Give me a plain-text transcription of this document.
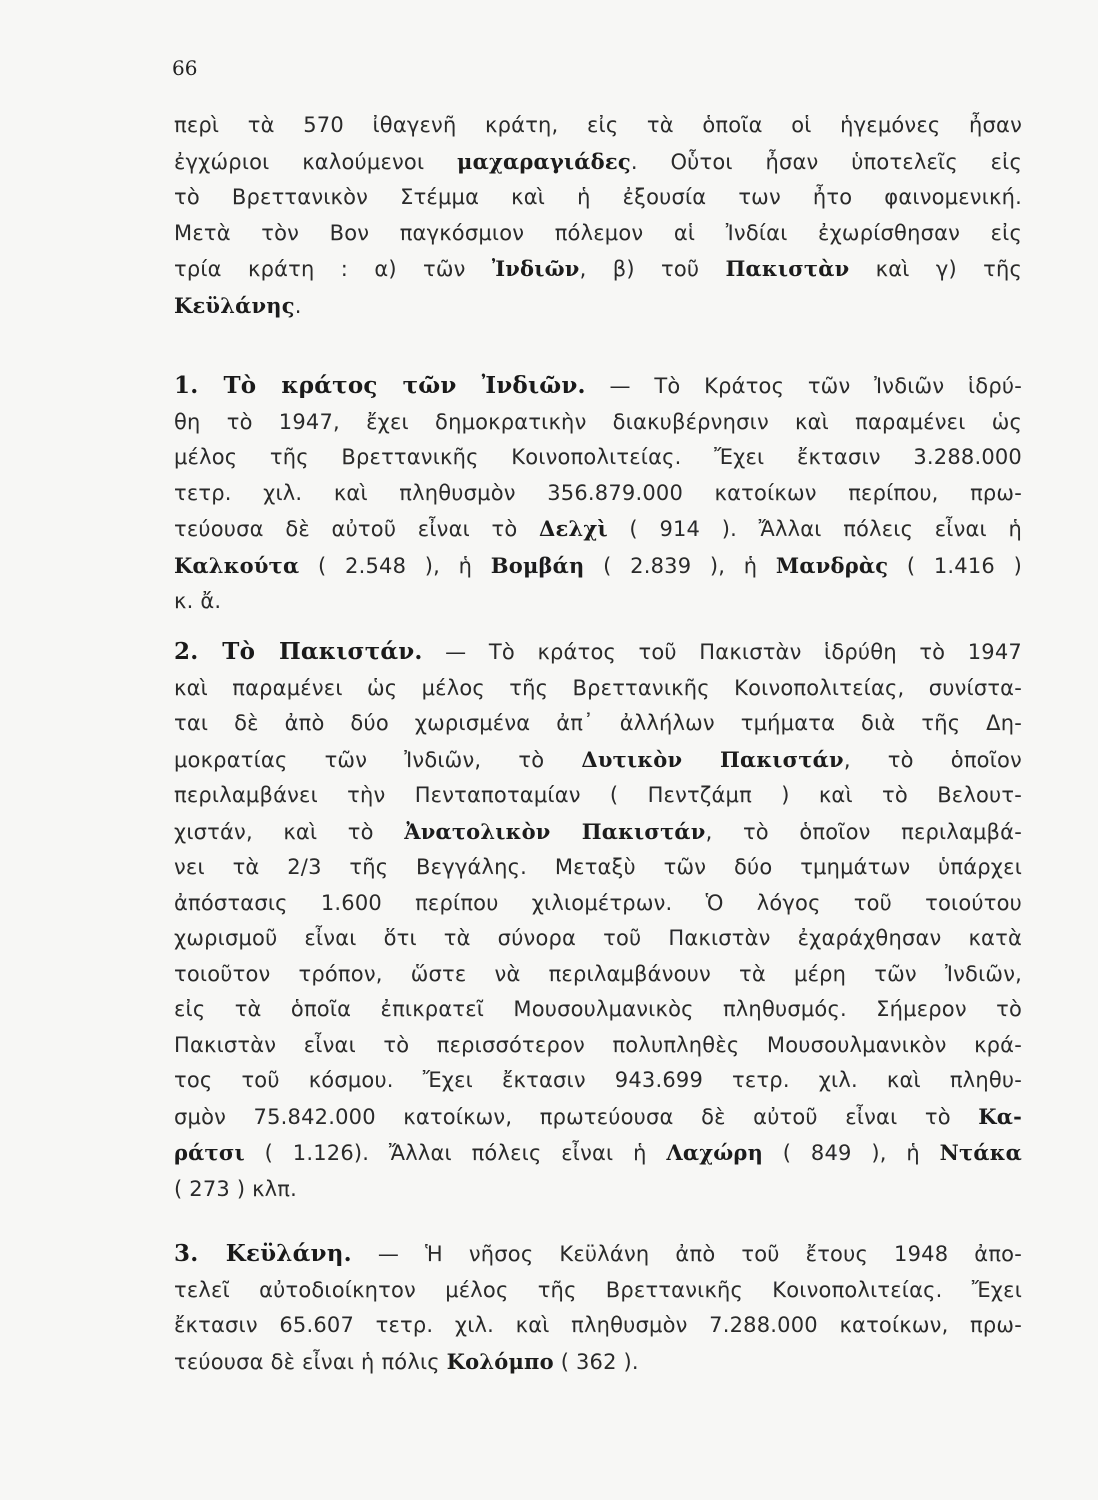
66
περὶ τὰ 570 ἰθαγενῆ κράτη, εἰς τὰ ὁποῖα οἱ ἡγεμόνες ἦσαν
ἐγχώριοι καλούμενοι μαχαραγιάδες. Οὗτοι ἦσαν ὑποτελεῖς εἰς
τὸ Βρεττανικὸν Στέμμα καὶ ἡ ἐξουσία των ἦτο φαινομενική.
Μετὰ τὸν Βον παγκόσμιον πόλεμον αἱ Ἰνδίαι ἐχωρίσθησαν εἰς
τρία κράτη : α) τῶν Ἰνδιῶν, β) τοῦ Πακιστὰν καὶ γ) τῆς
Κεϋλάνης.
1. Τὸ κράτος τῶν Ἰνδιῶν. — Τὸ Κράτος τῶν Ἰνδιῶν ἱδρύ-
θη τὸ 1947, ἔχει δημοκρατικὴν διακυβέρνησιν καὶ παραμένει ὡς
μέλος τῆς Βρεττανικῆς Κοινοπολιτείας. Ἔχει ἔκτασιν 3.288.000
τετρ. χιλ. καὶ πληθυσμὸν 356.879.000 κατοίκων περίπου, πρω-
τεύουσα δὲ αὐτοῦ εἶναι τὸ Δελχὶ ( 914 ). Ἄλλαι πόλεις εἶναι ἡ
Καλκούτα ( 2.548 ), ἡ Βομβάη ( 2.839 ), ἡ Μανδρὰς ( 1.416 )
κ. ἄ.
2. Τὸ Πακιστάν. — Τὸ κράτος τοῦ Πακιστὰν ἱδρύθη τὸ 1947
καὶ παραμένει ὡς μέλος τῆς Βρεττανικῆς Κοινοπολιτείας, συνίστα-
ται δὲ ἀπὸ δύο χωρισμένα ἀπ᾽ ἀλλήλων τμήματα διὰ τῆς Δη-
μοκρατίας τῶν Ἰνδιῶν, τὸ Δυτικὸν Πακιστάν, τὸ ὁποῖον
περιλαμβάνει τὴν Πενταποταμίαν ( Πεντζάμπ ) καὶ τὸ Βελουτ-
χιστάν, καὶ τὸ Ἀνατολικὸν Πακιστάν, τὸ ὁποῖον περιλαμβά-
νει τὰ 2/3 τῆς Βεγγάλης. Μεταξὺ τῶν δύο τμημάτων ὑπάρχει
ἀπόστασις 1.600 περίπου χιλιομέτρων. Ὁ λόγος τοῦ τοιούτου
χωρισμοῦ εἶναι ὅτι τὰ σύνορα τοῦ Πακιστὰν ἐχαράχθησαν κατὰ
τοιοῦτον τρόπον, ὥστε νὰ περιλαμβάνουν τὰ μέρη τῶν Ἰνδιῶν,
εἰς τὰ ὁποῖα ἐπικρατεῖ Μουσουλμανικὸς πληθυσμός. Σήμερον τὸ
Πακιστὰν εἶναι τὸ περισσότερον πολυπληθὲς Μουσουλμανικὸν κρά-
τος τοῦ κόσμου. Ἔχει ἔκτασιν 943.699 τετρ. χιλ. καὶ πληθυ-
σμὸν 75.842.000 κατοίκων, πρωτεύουσα δὲ αὐτοῦ εἶναι τὸ Κα-
ράτσι ( 1.126). Ἄλλαι πόλεις εἶναι ἡ Λαχώρη ( 849 ), ἡ Ντάκα
( 273 ) κλπ.
3. Κεϋλάνη. — Ἡ νῆσος Κεϋλάνη ἀπὸ τοῦ ἔτους 1948 ἀπο-
τελεῖ αὐτοδιοίκητον μέλος τῆς Βρεττανικῆς Κοινοπολιτείας. Ἔχει
ἔκτασιν 65.607 τετρ. χιλ. καὶ πληθυσμὸν 7.288.000 κατοίκων, πρω-
τεύουσα δὲ εἶναι ἡ πόλις Κολόμπο ( 362 ).
